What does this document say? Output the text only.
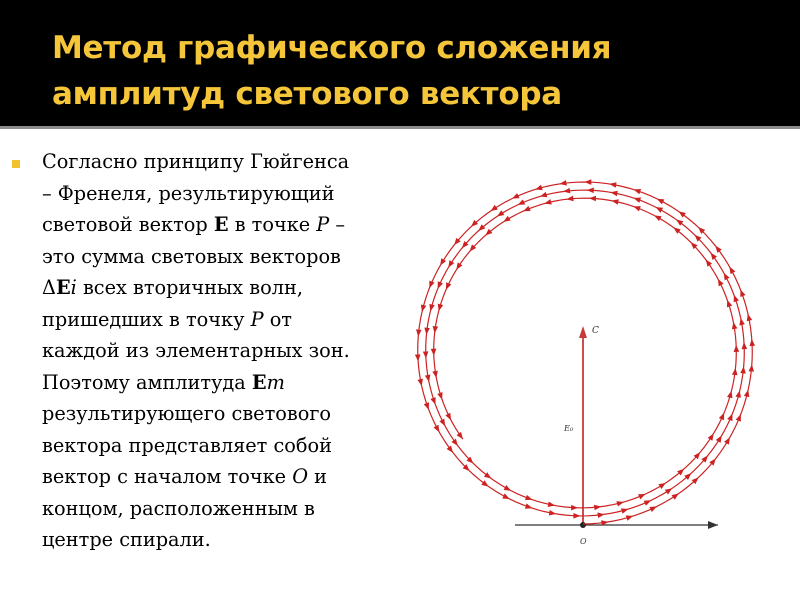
Метод графического сложения
амплитуд светового вектора
Согласно принципу Гюйгенса
– Френеля, результирующий
световой вектор E в точке P –
это сумма световых векторов
ΔEi всех вторичных волн,
пришедших в точку P от
каждой из элементарных зон.
Поэтому амплитуда Em
результирующего светового
вектора представляет собой
вектор с началом точке O и
концом, расположенным в
центре спирали.
C
O
E₀
